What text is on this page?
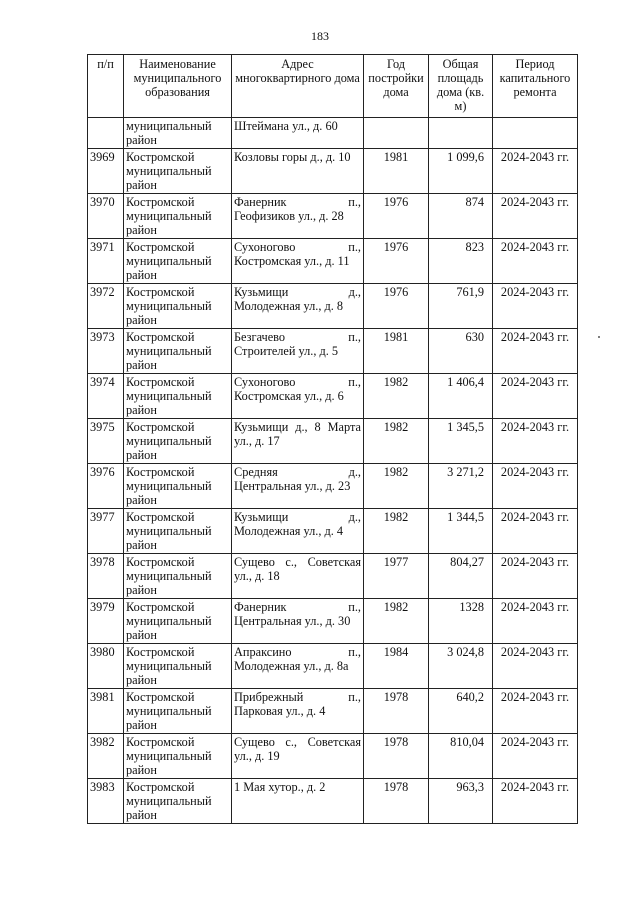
183
п/п	Наименование муниципального образования	Адрес многоквартирного дома	Год постройки дома	Общая площадь дома (кв. м)	Период капитального ремонта
	муниципальный район	Штеймана ул., д. 60			
3969	Костромской муниципальный район	Козловы горы д., д. 10	1981	1 099,6	2024-2043 гг.
3970	Костромской муниципальный район	Фанерник п., Геофизиков ул., д. 28	1976	874	2024-2043 гг.
3971	Костромской муниципальный район	Сухоногово п., Костромская ул., д. 11	1976	823	2024-2043 гг.
3972	Костромской муниципальный район	Кузьмищи д., Молодежная ул., д. 8	1976	761,9	2024-2043 гг.
3973	Костромской муниципальный район	Безгачево п., Строителей ул., д. 5	1981	630	2024-2043 гг.
3974	Костромской муниципальный район	Сухоногово п., Костромская ул., д. 6	1982	1 406,4	2024-2043 гг.
3975	Костромской муниципальный район	Кузьмищи д., 8 Марта ул., д. 17	1982	1 345,5	2024-2043 гг.
3976	Костромской муниципальный район	Средняя д., Центральная ул., д. 23	1982	3 271,2	2024-2043 гг.
3977	Костромской муниципальный район	Кузьмищи д., Молодежная ул., д. 4	1982	1 344,5	2024-2043 гг.
3978	Костромской муниципальный район	Сущево с., Советская ул., д. 18	1977	804,27	2024-2043 гг.
3979	Костромской муниципальный район	Фанерник п., Центральная ул., д. 30	1982	1328	2024-2043 гг.
3980	Костромской муниципальный район	Апраксино п., Молодежная ул., д. 8а	1984	3 024,8	2024-2043 гг.
3981	Костромской муниципальный район	Прибрежный п., Парковая ул., д. 4	1978	640,2	2024-2043 гг.
3982	Костромской муниципальный район	Сущево с., Советская ул., д. 19	1978	810,04	2024-2043 гг.
3983	Костромской муниципальный район	1 Мая хутор., д. 2	1978	963,3	2024-2043 гг.
